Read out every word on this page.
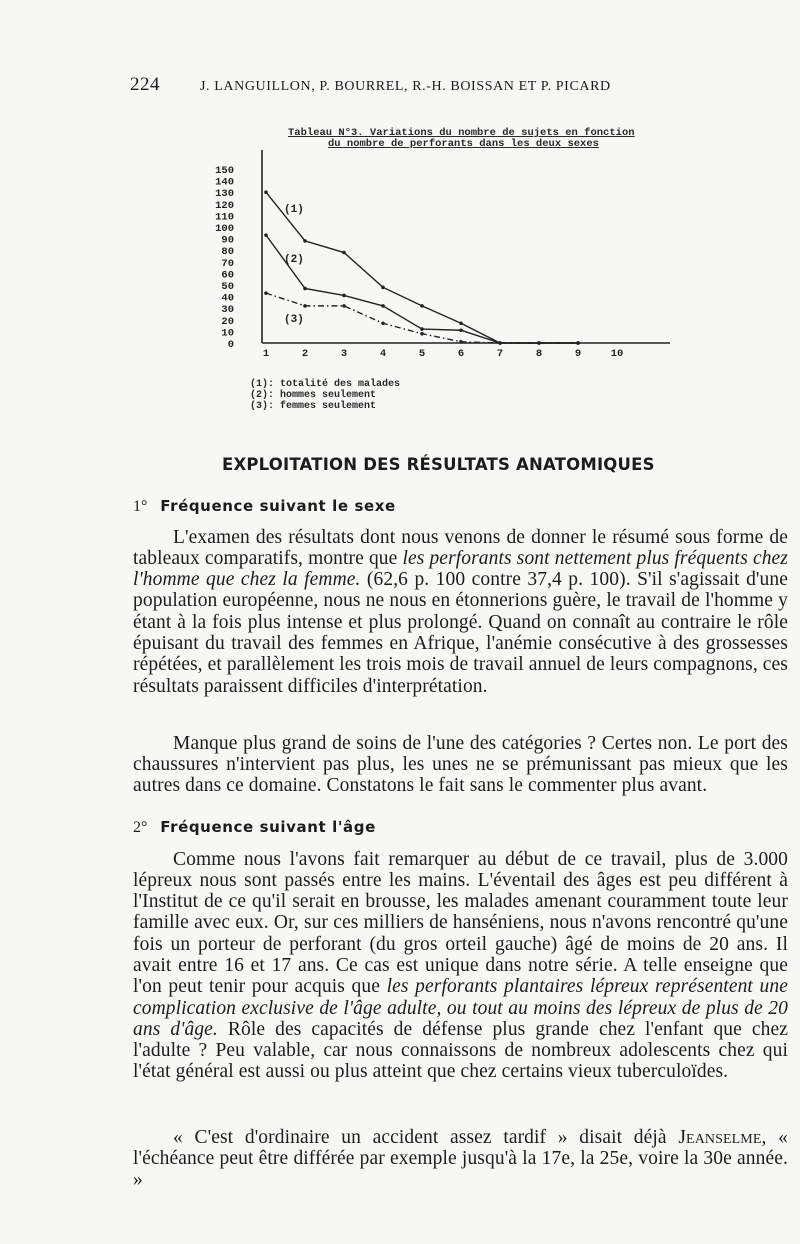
224	J. LANGUILLON, P. BOURREL, R.-H. BOISSAN ET P. PICARD
Tableau N°3. Variations du nombre de sujets en fonction
du nombre de perforants dans les deux sexes
0
10
20
30
40
50
60
70
80
90
100
110
120
130
140
150
1	2	3	4	5	6	7	8	9	10
(1)
(2)
(3)
(1): totalité des malades
(2): hommes seulement
(3): femmes seulement
EXPLOITATION DES RÉSULTATS ANATOMIQUES
1° Fréquence suivant le sexe

L'examen des résultats dont nous venons de donner le résumé sous forme de tableaux comparatifs, montre que les perforants sont nettement plus fréquents chez l'homme que chez la femme. (62,6 p. 100 contre 37,4 p. 100). S'il s'agissait d'une population européenne, nous ne nous en étonnerions guère, le travail de l'homme y étant à la fois plus intense et plus prolongé. Quand on connaît au contraire le rôle épuisant du travail des femmes en Afrique, l'anémie consécutive à des grossesses répétées, et parallèlement les trois mois de travail annuel de leurs compagnons, ces résultats paraissent difficiles d'interprétation.

Manque plus grand de soins de l'une des catégories ? Certes non. Le port des chaussures n'intervient pas plus, les unes ne se prémunissant pas mieux que les autres dans ce domaine. Constatons le fait sans le commenter plus avant.

2° Fréquence suivant l'âge

Comme nous l'avons fait remarquer au début de ce travail, plus de 3.000 lépreux nous sont passés entre les mains. L'éventail des âges est peu différent à l'Institut de ce qu'il serait en brousse, les malades amenant couramment toute leur famille avec eux. Or, sur ces milliers de hanséniens, nous n'avons rencontré qu'une fois un porteur de perforant (du gros orteil gauche) âgé de moins de 20 ans. Il avait entre 16 et 17 ans. Ce cas est unique dans notre série. A telle enseigne que l'on peut tenir pour acquis que les perforants plantaires lépreux représentent une complication exclusive de l'âge adulte, ou tout au moins des lépreux de plus de 20 ans d'âge. Rôle des capacités de défense plus grande chez l'enfant que chez l'adulte ? Peu valable, car nous connaissons de nombreux adolescents chez qui l'état général est aussi ou plus atteint que chez certains vieux tuberculoïdes.

« C'est d'ordinaire un accident assez tardif » disait déjà Jeanselme, « l'échéance peut être différée par exemple jusqu'à la 17e, la 25e, voire la 30e année. »
